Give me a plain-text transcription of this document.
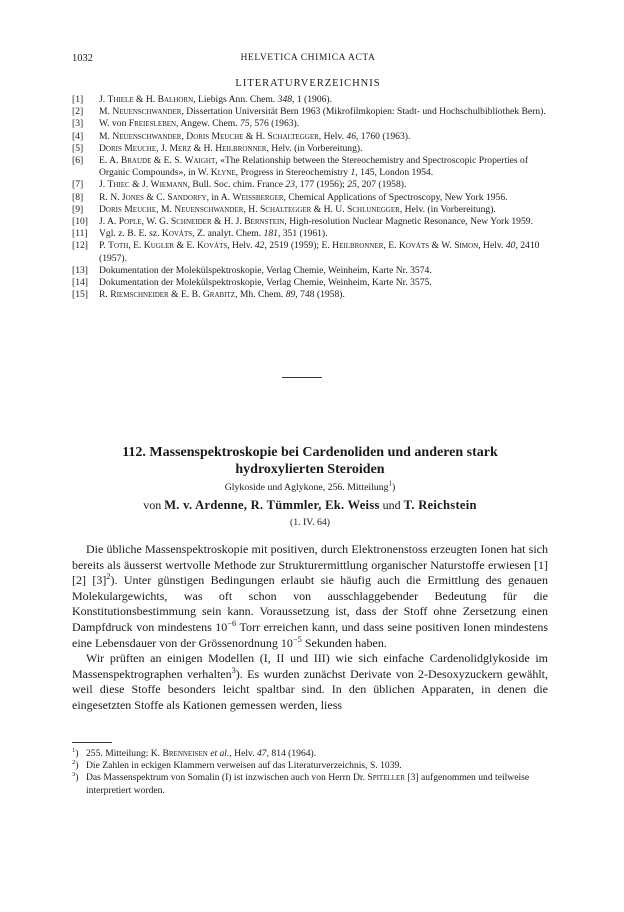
1032	HELVETICA CHIMICA ACTA
LITERATURVERZEICHNIS
[1] J. Thiele & H. Balhorn, Liebigs Ann. Chem. 348, 1 (1906).
[2] M. Neuenschwander, Dissertation Universität Bern 1963 (Mikrofilmkopien: Stadt- und Hochschulbibliothek Bern).
[3] W. von Freiesleben, Angew. Chem. 75, 576 (1963).
[4] M. Neuenschwander, Doris Meuche & H. Schaltegger, Helv. 46, 1760 (1963).
[5] Doris Meuche, J. Merz & H. Heilbronner, Helv. (in Vorbereitung).
[6] E. A. Braude & E. S. Waight, «The Relationship between the Stereochemistry and Spectroscopic Properties of Organic Compounds», in W. Klyne, Progress in Stereochemistry 1, 145, London 1954.
[7] J. Thiec & J. Wiemann, Bull. Soc. chim. France 23, 177 (1956); 25, 207 (1958).
[8] R. N. Jones & C. Sandorfy, in A. Weissberger, Chemical Applications of Spectroscopy, New York 1956.
[9] Doris Meuche, M. Neuenschwander, H. Schaltegger & H. U. Schlunegger, Helv. (in Vorbereitung).
[10] J. A. Pople, W. G. Schneider & H. J. Bernstein, High-resolution Nuclear Magnetic Resonance, New York 1959.
[11] Vgl. z. B. E. sz. Kováts, Z. analyt. Chem. 181, 351 (1961).
[12] P. Toth, E. Kugler & E. Kováts, Helv. 42, 2519 (1959); E. Heilbronner, E. Kováts & W. Simon, Helv. 40, 2410 (1957).
[13] Dokumentation der Molekülspektroskopie, Verlag Chemie, Weinheim, Karte Nr. 3574.
[14] Dokumentation der Molekülspektroskopie, Verlag Chemie, Weinheim, Karte Nr. 3575.
[15] R. Riemschneider & E. B. Grabitz, Mh. Chem. 89, 748 (1958).
112. Massenspektroskopie bei Cardenoliden und anderen stark
hydroxylierten Steroiden
Glykoside und Aglykone, 256. Mitteilung$^1$)
von M. v. Ardenne, R. Tümmler, Ek. Weiss und T. Reichstein
(1. IV. 64)

Die übliche Massenspektroskopie mit positiven, durch Elektronenstoss erzeugten Ionen hat sich bereits als äusserst wertvolle Methode zur Strukturermittlung organischer Naturstoffe erwiesen [1] [2] $[3]^2$). Unter günstigen Bedingungen erlaubt sie häufig auch die Ermittlung des genauen Molekulargewichts, was oft schon von ausschlaggebender Bedeutung für die Konstitutionsbestimmung sein kann. Voraussetzung ist, dass der Stoff ohne Zersetzung einen Dampfdruck von mindestens $10^{-6}$ Torr erreichen kann, und dass seine positiven Ionen mindestens eine Lebensdauer von der Grössenordnung $10^{-5}$ Sekunden haben.

Wir prüften an einigen Modellen (I, II und III) wie sich einfache Cardenolidglykoside im Massenspektrographen verhalten$^3$). Es wurden zunächst Derivate von 2-Desoxyzuckern gewählt, weil diese Stoffe besonders leicht spaltbar sind. In den üblichen Apparaten, in denen die eingesetzten Stoffe als Kationen gemessen werden, liess

$^1$) 255. Mitteilung: K. Brenneisen et al., Helv. 47, 814 (1964).
$^2$) Die Zahlen in eckigen Klammern verweisen auf das Literaturverzeichnis, S. 1039.
$^3$) Das Massenspektrum von Somalin (I) ist inzwischen auch von Herrn Dr. Spiteller [3] aufgenommen und teilweise interpretiert worden.
